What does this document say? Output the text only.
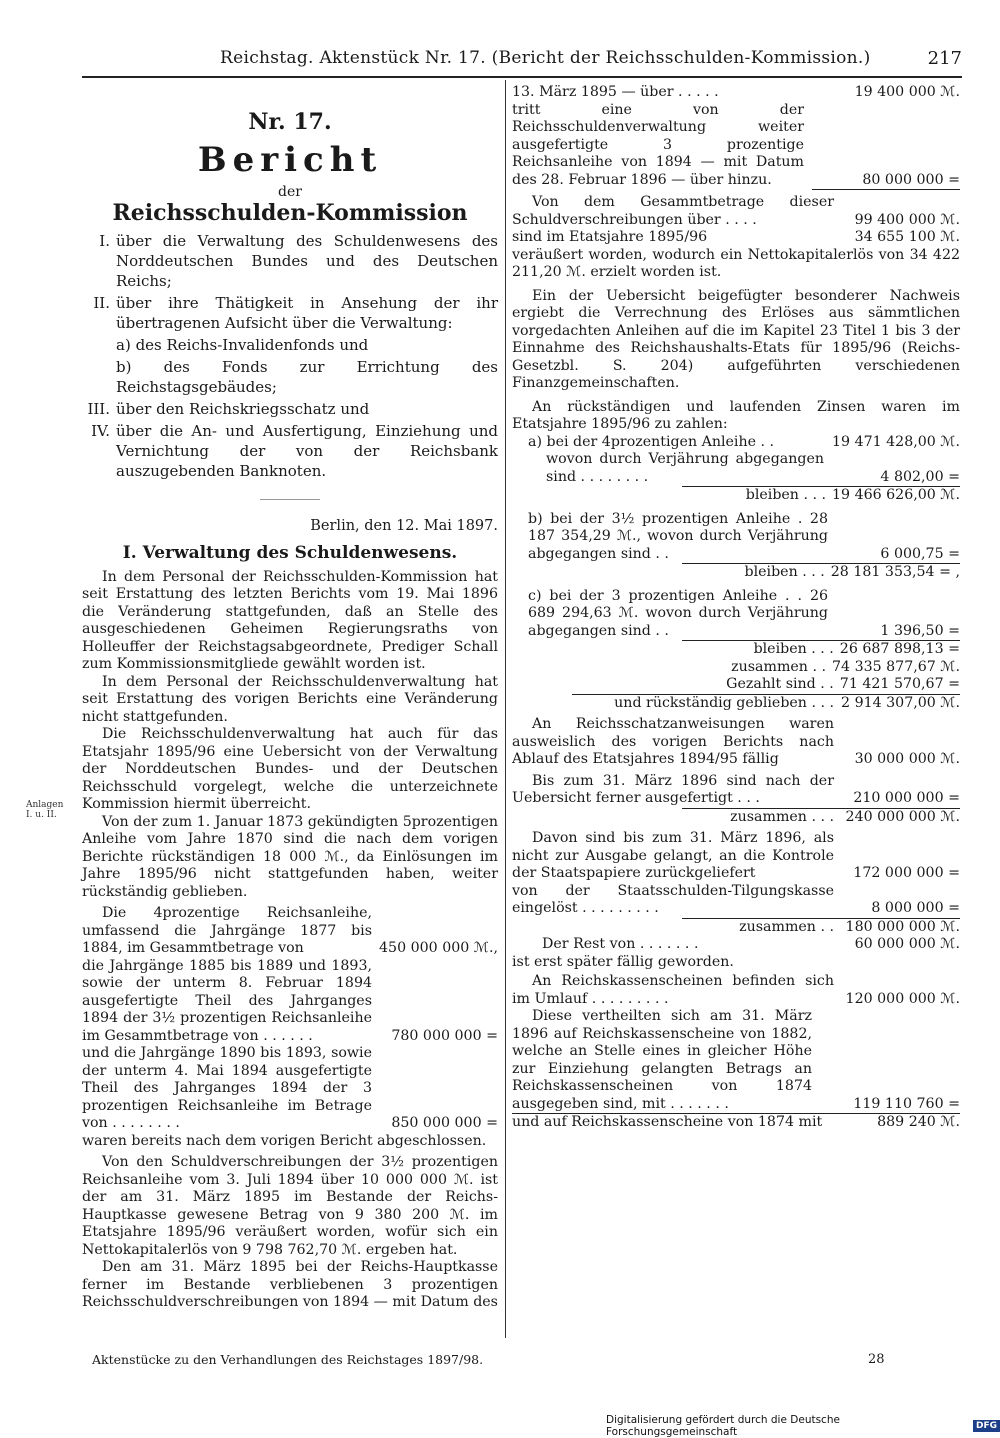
Reichstag. Aktenstück Nr. 17. (Bericht der Reichsschulden-Kommission.)	217
Nr. 17.
Bericht
der
Reichsschulden-Kommission
I. über die Verwaltung des Schuldenwesens des Norddeutschen Bundes und des Deutschen Reichs;
II. über ihre Thätigkeit in Ansehung der ihr übertragenen Aufsicht über die Verwaltung:
a) des Reichs-Invalidenfonds und
b) des Fonds zur Errichtung des Reichstagsgebäudes;
III. über den Reichskriegsschatz und
IV. über die An- und Ausfertigung, Einziehung und Vernichtung der von der Reichsbank auszugebenden Banknoten.
Berlin, den 12. Mai 1897.
I. Verwaltung des Schuldenwesens.

In dem Personal der Reichsschulden-Kommission hat seit Erstattung des letzten Berichts vom 19. Mai 1896 die Veränderung stattgefunden, daß an Stelle des ausgeschiedenen Geheimen Regierungsraths von Holleuffer der Reichstagsabgeordnete, Prediger Schall zum Kommissionsmitgliede gewählt worden ist.

In dem Personal der Reichsschuldenverwaltung hat seit Erstattung des vorigen Berichts eine Veränderung nicht stattgefunden.

Die Reichsschuldenverwaltung hat auch für das Etatsjahr 1895/96 eine Uebersicht von der Verwaltung der Norddeutschen Bundes- und der Deutschen Reichsschuld vorgelegt, welche die unterzeichnete Kommission hiermit überreicht.

Von der zum 1. Januar 1873 gekündigten 5prozentigen Anleihe vom Jahre 1870 sind die nach dem vorigen Berichte rückständigen 18 000 ℳ., da Einlösungen im Jahre 1895/96 nicht stattgefunden haben, weiter rückständig geblieben.

Die 4prozentige Reichsanleihe, umfassend die Jahrgänge 1877 bis 1884, im Gesammtbetrage von	450 000 000 ℳ.,

die Jahrgänge 1885 bis 1889 und 1893, sowie der unterm 8. Februar 1894 ausgefertigte Theil des Jahrganges 1894 der 3½ prozentigen Reichsanleihe im Gesammtbetrage von . . . . . .	780 000 000 =

und die Jahrgänge 1890 bis 1893, sowie der unterm 4. Mai 1894 ausgefertigte Theil des Jahrganges 1894 der 3 prozentigen Reichsanleihe im Betrage von . . . . . . . .	850 000 000 =

waren bereits nach dem vorigen Bericht abgeschlossen.

Von den Schuldverschreibungen der 3½ prozentigen Reichsanleihe vom 3. Juli 1894 über 10 000 000 ℳ. ist der am 31. März 1895 im Bestande der Reichs-Hauptkasse gewesene Betrag von 9 380 200 ℳ. im Etatsjahre 1895/96 veräußert worden, wofür sich ein Nettokapitalerlös von 9 798 762,70 ℳ. ergeben hat.

Den am 31. März 1895 bei der Reichs-Hauptkasse ferner im Bestande verbliebenen 3 prozentigen Reichsschuldverschreibungen von 1894 — mit Datum des

Anlagen I. u. II.
13. März 1895 — über . . . . .	19 400 000 ℳ.

tritt eine von der Reichsschuldenverwaltung weiter ausgefertigte 3 prozentige Reichsanleihe von 1894 — mit Datum des 28. Februar 1896 — über hinzu.	80 000 000 =

Von dem Gesammtbetrage dieser Schuldverschreibungen über . . . .	99 400 000 ℳ.
sind im Etatsjahre 1895/96	34 655 100 ℳ.

veräußert worden, wodurch ein Nettokapitalerlös von 34 422 211,20 ℳ. erzielt worden ist.

Ein der Uebersicht beigefügter besonderer Nachweis ergiebt die Verrechnung des Erlöses aus sämmtlichen vorgedachten Anleihen auf die im Kapitel 23 Titel 1 bis 3 der Einnahme des Reichshaushalts-Etats für 1895/96 (Reichs-Gesetzbl. S. 204) aufgeführten verschiedenen Finanzgemeinschaften.

An rückständigen und laufenden Zinsen waren im Etatsjahre 1895/96 zu zahlen:

a) bei der 4prozentigen Anleihe . .	19 471 428,00 ℳ.

wovon durch Verjährung abgegangen sind . . . . . . . .	4 802,00 =
bleiben . . . 19 466 626,00 ℳ.

b) bei der 3½ prozentigen Anleihe . 28 187 354,29 ℳ., wovon durch Verjährung abgegangen sind . .	6 000,75 =
bleiben . . . 28 181 353,54 = ,

c) bei der 3 prozentigen Anleihe . . 26 689 294,63 ℳ. wovon durch Verjährung abgegangen sind . .	1 396,50 =
bleiben . . . 26 687 898,13 =
zusammen . . 74 335 877,67 ℳ.
Gezahlt sind . . 71 421 570,67 =
und rückständig geblieben . . . 2 914 307,00 ℳ.

An Reichsschatzanweisungen waren ausweislich des vorigen Berichts nach Ablauf des Etatsjahres 1894/95 fällig	30 000 000 ℳ.

Bis zum 31. März 1896 sind nach der Uebersicht ferner ausgefertigt . . .	210 000 000 =
zusammen . . . 240 000 000 ℳ.

Davon sind bis zum 31. März 1896, als nicht zur Ausgabe gelangt, an die Kontrole der Staatspapiere zurückgeliefert	172 000 000 =

von der Staatsschulden-Tilgungskasse eingelöst . . . . . . . . .	8 000 000 =
zusammen . . 180 000 000 ℳ.
Der Rest von . . . . . . .	60 000 000 ℳ.

ist erst später fällig geworden.

An Reichskassenscheinen befinden sich im Umlauf . . . . . . . . .	120 000 000 ℳ.

Diese vertheilten sich am 31. März 1896 auf Reichskassenscheine von 1882, welche an Stelle eines in gleicher Höhe zur Einziehung gelangten Betrags an Reichskassenscheinen von 1874 ausgegeben sind, mit . . . . . . .	119 110 760 =
und auf Reichskassenscheine von 1874 mit	889 240 ℳ.
Aktenstücke zu den Verhandlungen des Reichstages 1897/98.	28
Digitalisierung gefördert durch die Deutsche Forschungsgemeinschaft	DFG
